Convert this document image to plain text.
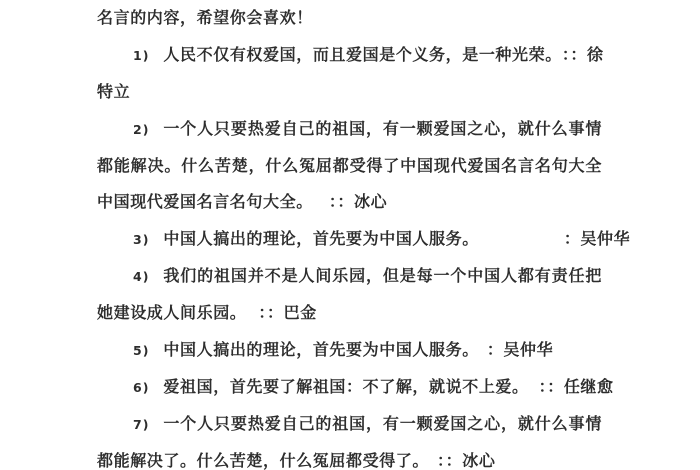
名言的内容，希望你会喜欢！
1) 人民不仅有权爱国，而且爱国是个义务，是一种光荣。 ：：徐
特立
2) 一个人只要热爱自己的祖国，有一颗爱国之心，就什么事情
都能解决。什么苦楚，什么冤屈都受得了中国现代爱国名言名句大全
中国现代爱国名言名句大全。 ：：冰心
3) 中国人搞出的理论，首先要为中国人服务。	：吴仲华
4) 我们的祖国并不是人间乐园，但是每一个中国人都有责任把
她建设成人间乐园。 ：：巴金
5) 中国人搞出的理论，首先要为中国人服务。 ：吴仲华
6) 爱祖国，首先要了解祖国：不了解，就说不上爱。 ：：任继愈
7) 一个人只要热爱自己的祖国，有一颗爱国之心，就什么事情
都能解决了。什么苦楚，什么冤屈都受得了。 ：：冰心
